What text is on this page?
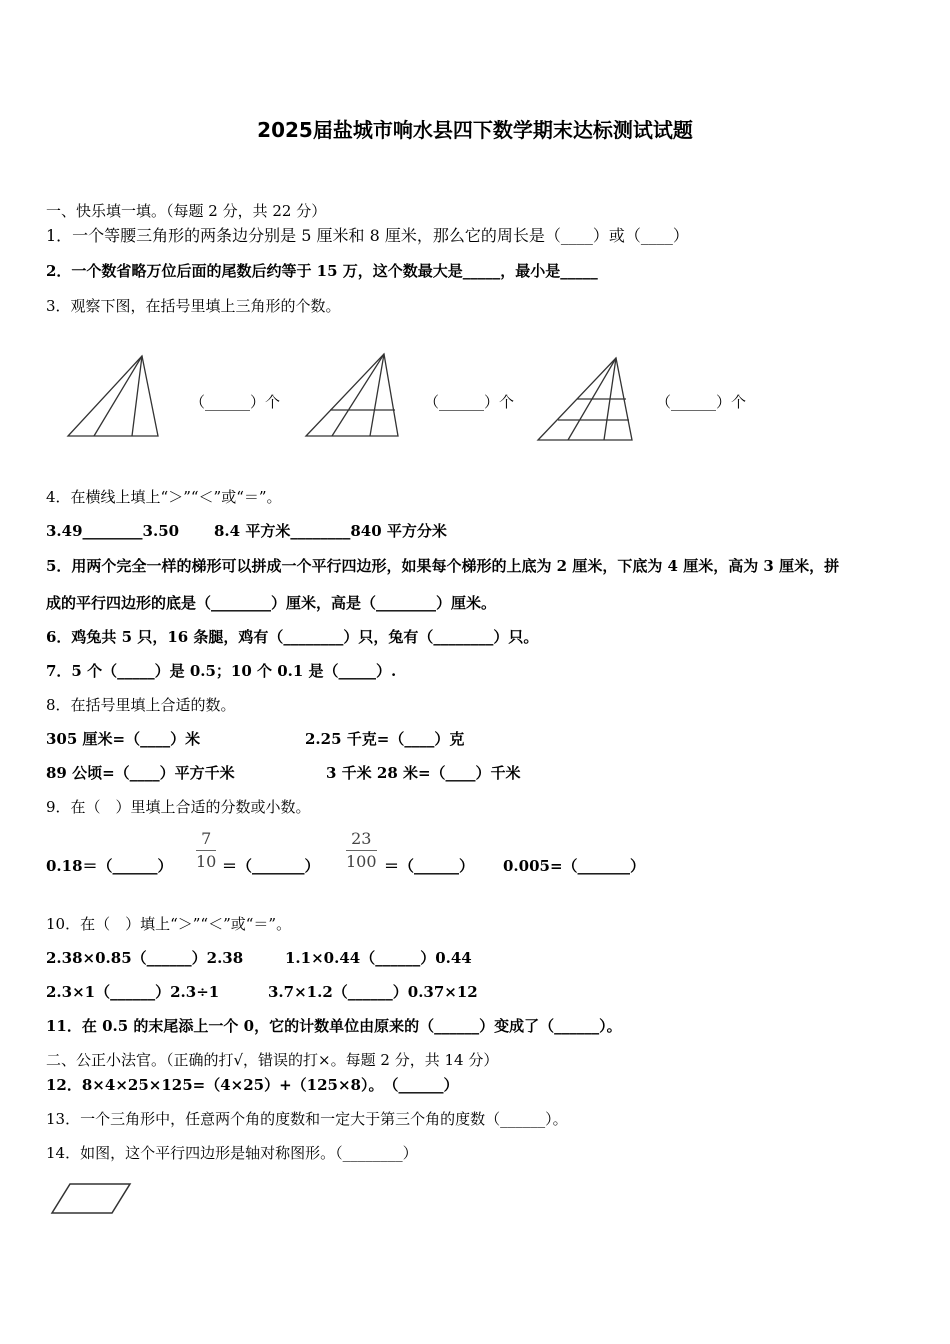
2025届盐城市响水县四下数学期末达标测试试题
一、快乐填一填。（每题 2 分，共 22 分）
1．一个等腰三角形的两条边分别是 5 厘米和 8 厘米，那么它的周长是（____）或（____）
2．一个数省略万位后面的尾数后约等于 15 万，这个数最大是_____，最小是_____
3．观察下图，在括号里填上三角形的个数。
（______）个	（______）个	（______）个
4．在横线上填上“＞”“＜”或“＝”。
3.49________3.50 8.4 平方米________840 平方分米
5．用两个完全一样的梯形可以拼成一个平行四边形，如果每个梯形的上底为 2 厘米，下底为 4 厘米，高为 3 厘米，拼
成的平行四边形的底是（________）厘米，高是（________）厘米。
6．鸡兔共 5 只，16 条腿，鸡有（________）只，兔有（________）只。
7．5 个（_____）是 0.5；10 个 0.1 是（_____）.
8．在括号里填上合适的数。
305 厘米=（____）米	2.25 千克=（____）克
89 公顷=（____）平方千米	3 千米 28 米=（____）千米
9．在（　）里填上合适的分数或小数。
0.18＝（______） $\frac{7}{10}$ ＝（_______） $\frac{23}{100}$ ＝（______） 0.005=（_______）
10．在（　）填上“＞”“＜”或“＝”。
2.38×0.85（______）2.38	1.1×0.44（______）0.44
2.3×1（______）2.3÷1	3.7×1.2（______）0.37×12
11．在 0.5 的末尾添上一个 0，它的计数单位由原来的（______）变成了（______）。
二、公正小法官。（正确的打√，错误的打×。每题 2 分，共 14 分）
12．8×4×25×125=（4×25）+（125×8）。　（______）
13．一个三角形中，任意两个角的度数和一定大于第三个角的度数（______）。
14．如图，这个平行四边形是轴对称图形。（________）
